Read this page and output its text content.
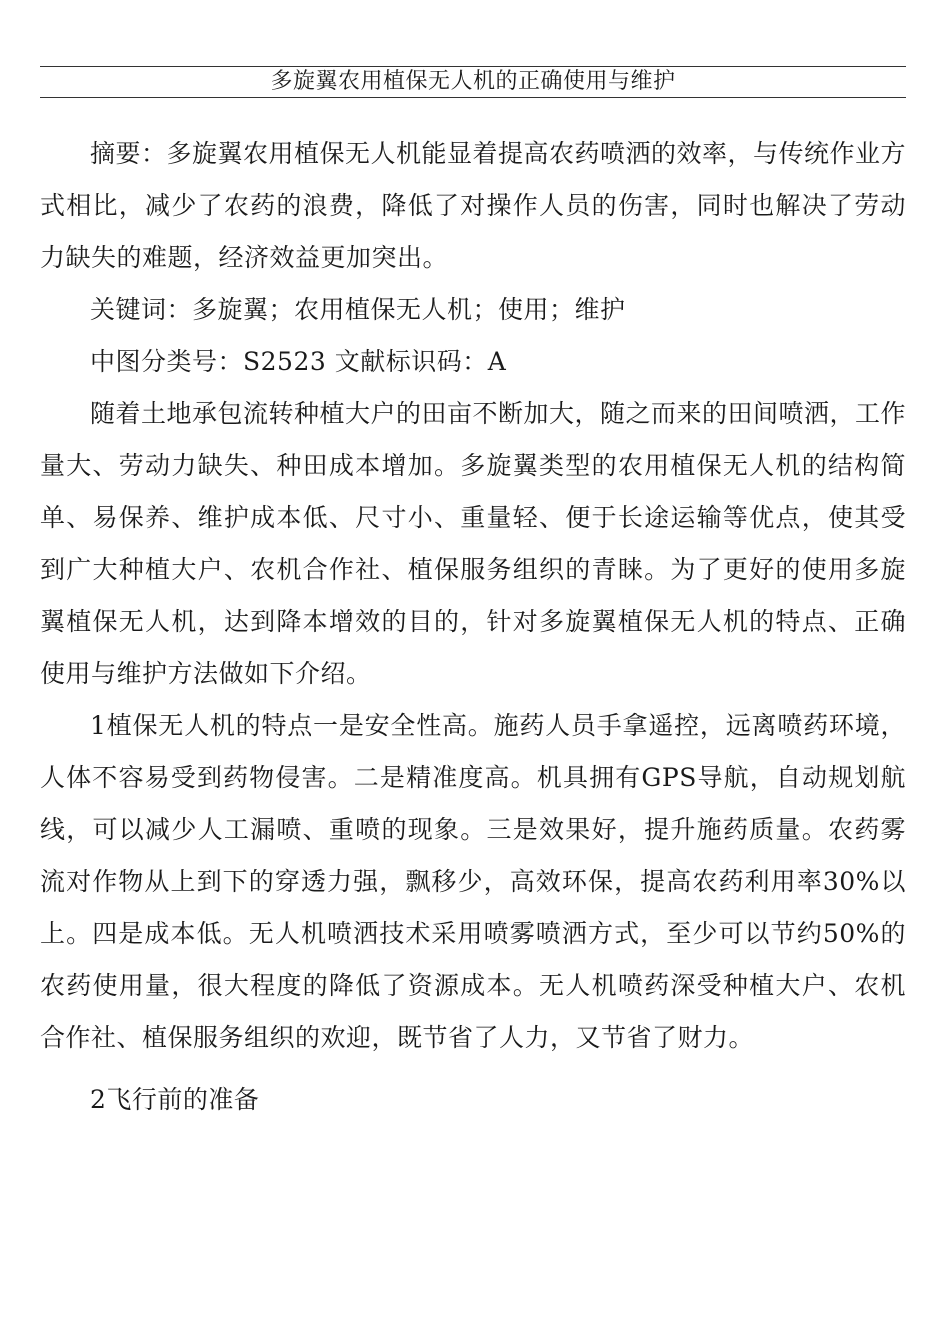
多旋翼农用植保无人机的正确使用与维护

摘要：多旋翼农用植保无人机能显着提高农药喷洒的效率，与传统作业方式相比，减少了农药的浪费，降低了对操作人员的伤害，同时也解决了劳动力缺失的难题，经济效益更加突出。

关键词：多旋翼；农用植保无人机；使用；维护

中图分类号：S2523 文献标识码：A

随着土地承包流转种植大户的田亩不断加大，随之而来的田间喷洒，工作量大、劳动力缺失、种田成本增加。多旋翼类型的农用植保无人机的结构简单、易保养、维护成本低、尺寸小、重量轻、便于长途运输等优点，使其受到广大种植大户、农机合作社、植保服务组织的青睐。为了更好的使用多旋翼植保无人机，达到降本增效的目的，针对多旋翼植保无人机的特点、正确使用与维护方法做如下介绍。

1植保无人机的特点一是安全性高。施药人员手拿遥控，远离喷药环境，人体不容易受到药物侵害。二是精准度高。机具拥有GPS导航，自动规划航线，可以减少人工漏喷、重喷的现象。三是效果好，提升施药质量。农药雾流对作物从上到下的穿透力强，飘移少，高效环保，提高农药利用率30%以上。四是成本低。无人机喷洒技术采用喷雾喷洒方式，至少可以节约50%的农药使用量，很大程度的降低了资源成本。无人机喷药深受种植大户、农机合作社、植保服务组织的欢迎，既节省了人力，又节省了财力。

2飞行前的准备
